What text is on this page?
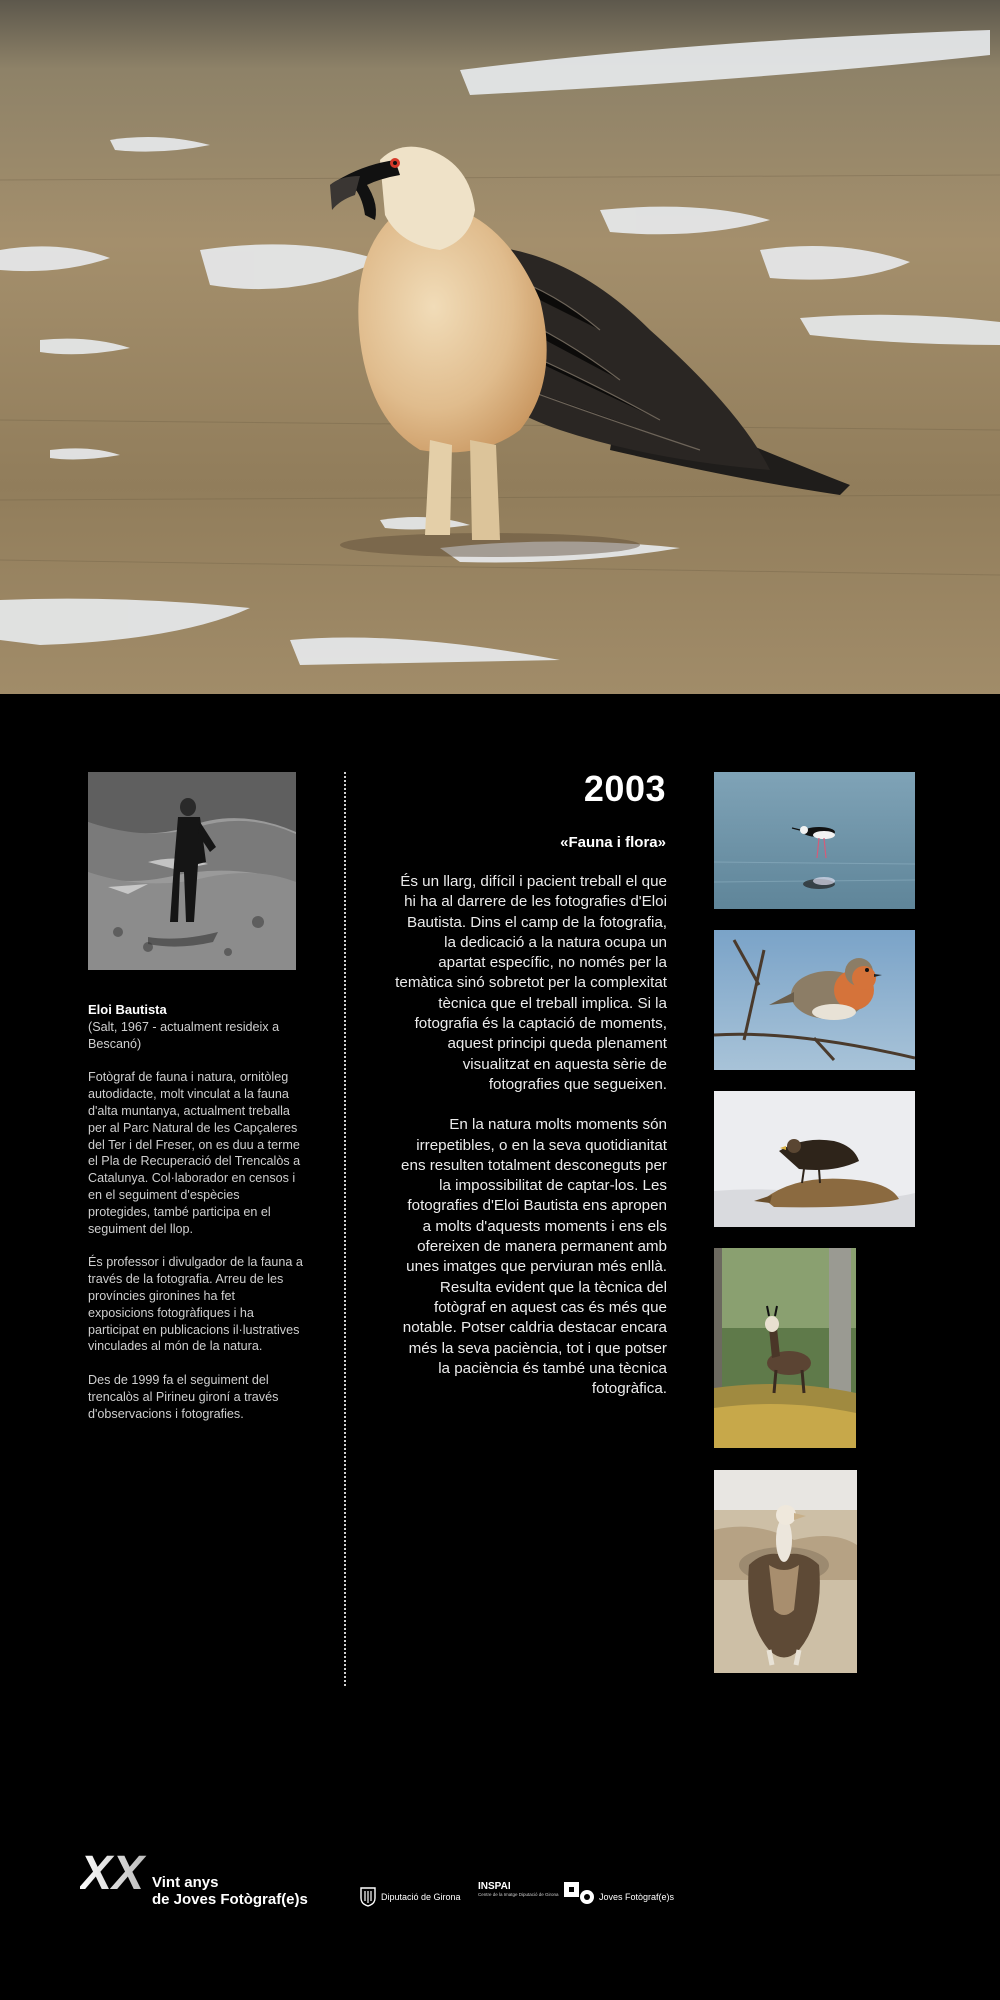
Eloi Bautista
(Salt, 1967 - actualment resideix a Bescanó)

Fotògraf de fauna i natura, ornitòleg autodidacte, molt vinculat a la fauna d'alta muntanya, actualment treballa per al Parc Natural de les Capçaleres del Ter i del Freser, on es duu a terme el Pla de Recuperació del Trencalòs a Catalunya. Col·laborador en censos i en el seguiment d'espècies protegides, també participa en el seguiment del llop.

És professor i divulgador de la fauna a través de la fotografia. Arreu de les províncies gironines ha fet exposicions fotogràfiques i ha participat en publicacions il·lustratives vinculades al món de la natura.

Des de 1999 fa el seguiment del trencalòs al Pirineu gironí a través d'observacions i fotografies.

2003
«Fauna i flora»

És un llarg, difícil i pacient treball el que hi ha al darrere de les fotografies d'Eloi Bautista. Dins el camp de la fotografia, la dedicació a la natura ocupa un apartat específic, no només per la temàtica sinó sobretot per la complexitat tècnica que el treball implica. Si la fotografia és la captació de moments, aquest principi queda plenament visualitzat en aquesta sèrie de fotografies que segueixen.

En la natura molts moments són irrepetibles, o en la seva quotidianitat ens resulten totalment desconeguts per la impossibilitat de captar-los. Les fotografies d'Eloi Bautista ens apropen a molts d'aquests moments i ens els ofereixen de manera permanent amb unes imatges que perviuran més enllà. Resulta evident que la tècnica del fotògraf en aquest cas és més que notable. Potser caldria destacar encara més la seva paciència, tot i que potser la paciència és també una tècnica fotogràfica.

XX Vint anys
de Joves Fotògraf(e)s	Diputació de Girona
INSPAI
Centre de la Imatge Diputació de Girona	Joves Fotògraf(e)s
